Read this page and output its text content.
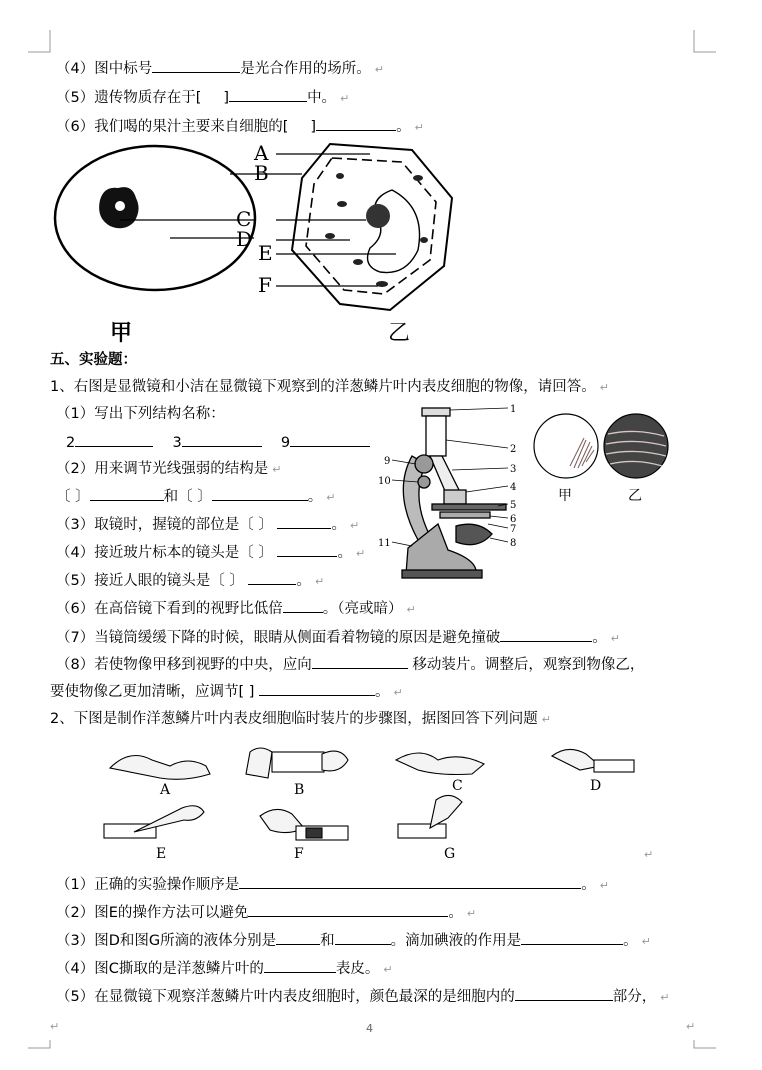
（4）图中标号	是光合作用的场所。 ↵
（5）遗传物质存在于[ ]	中。 ↵
（6）我们喝的果汁主要来自细胞的[ ]	。 ↵
A
B
C
D
E
F
甲	乙
五、实验题：
1、右图是显微镜和小洁在显微镜下观察到的洋葱鳞片叶内表皮细胞的物像，请回答。 ↵
（1）写出下列结构名称：
2	3	9
（2）用来调节光线强弱的结构是 ↵
〔 〕	和〔 〕	。 ↵
（3）取镜时，握镜的部位是〔 〕	。 ↵
（4）接近玻片标本的镜头是〔 〕	。 ↵
（5）接近人眼的镜头是〔 〕	。 ↵
（6）在高倍镜下看到的视野比低倍	。（亮或暗） ↵
（7）当镜筒缓缓下降的时候，眼睛从侧面看着物镜的原因是避免撞破	。 ↵
（8）若使物像甲移到视野的中央，应向	移动装片。调整后，观察到物像乙，
要使物像乙更加清晰，应调节[ ]	。 ↵
1
2
3
4
5
6
7
8
9
10
11
甲	乙
2、下图是制作洋葱鳞片叶内表皮细胞临时装片的步骤图，据图回答下列问题 ↵
A	B	C	D
E	F	G	↵
（1）正确的实验操作顺序是	。 ↵
（2）图E的操作方法可以避免	。 ↵
（3）图D和图G所滴的液体分别是	和	。滴加碘液的作用是	。 ↵
（4）图C撕取的是洋葱鳞片叶的	表皮。 ↵
（5）在显微镜下观察洋葱鳞片叶内表皮细胞时，颜色最深的是细胞内的	部分， ↵
↵	4	↵
